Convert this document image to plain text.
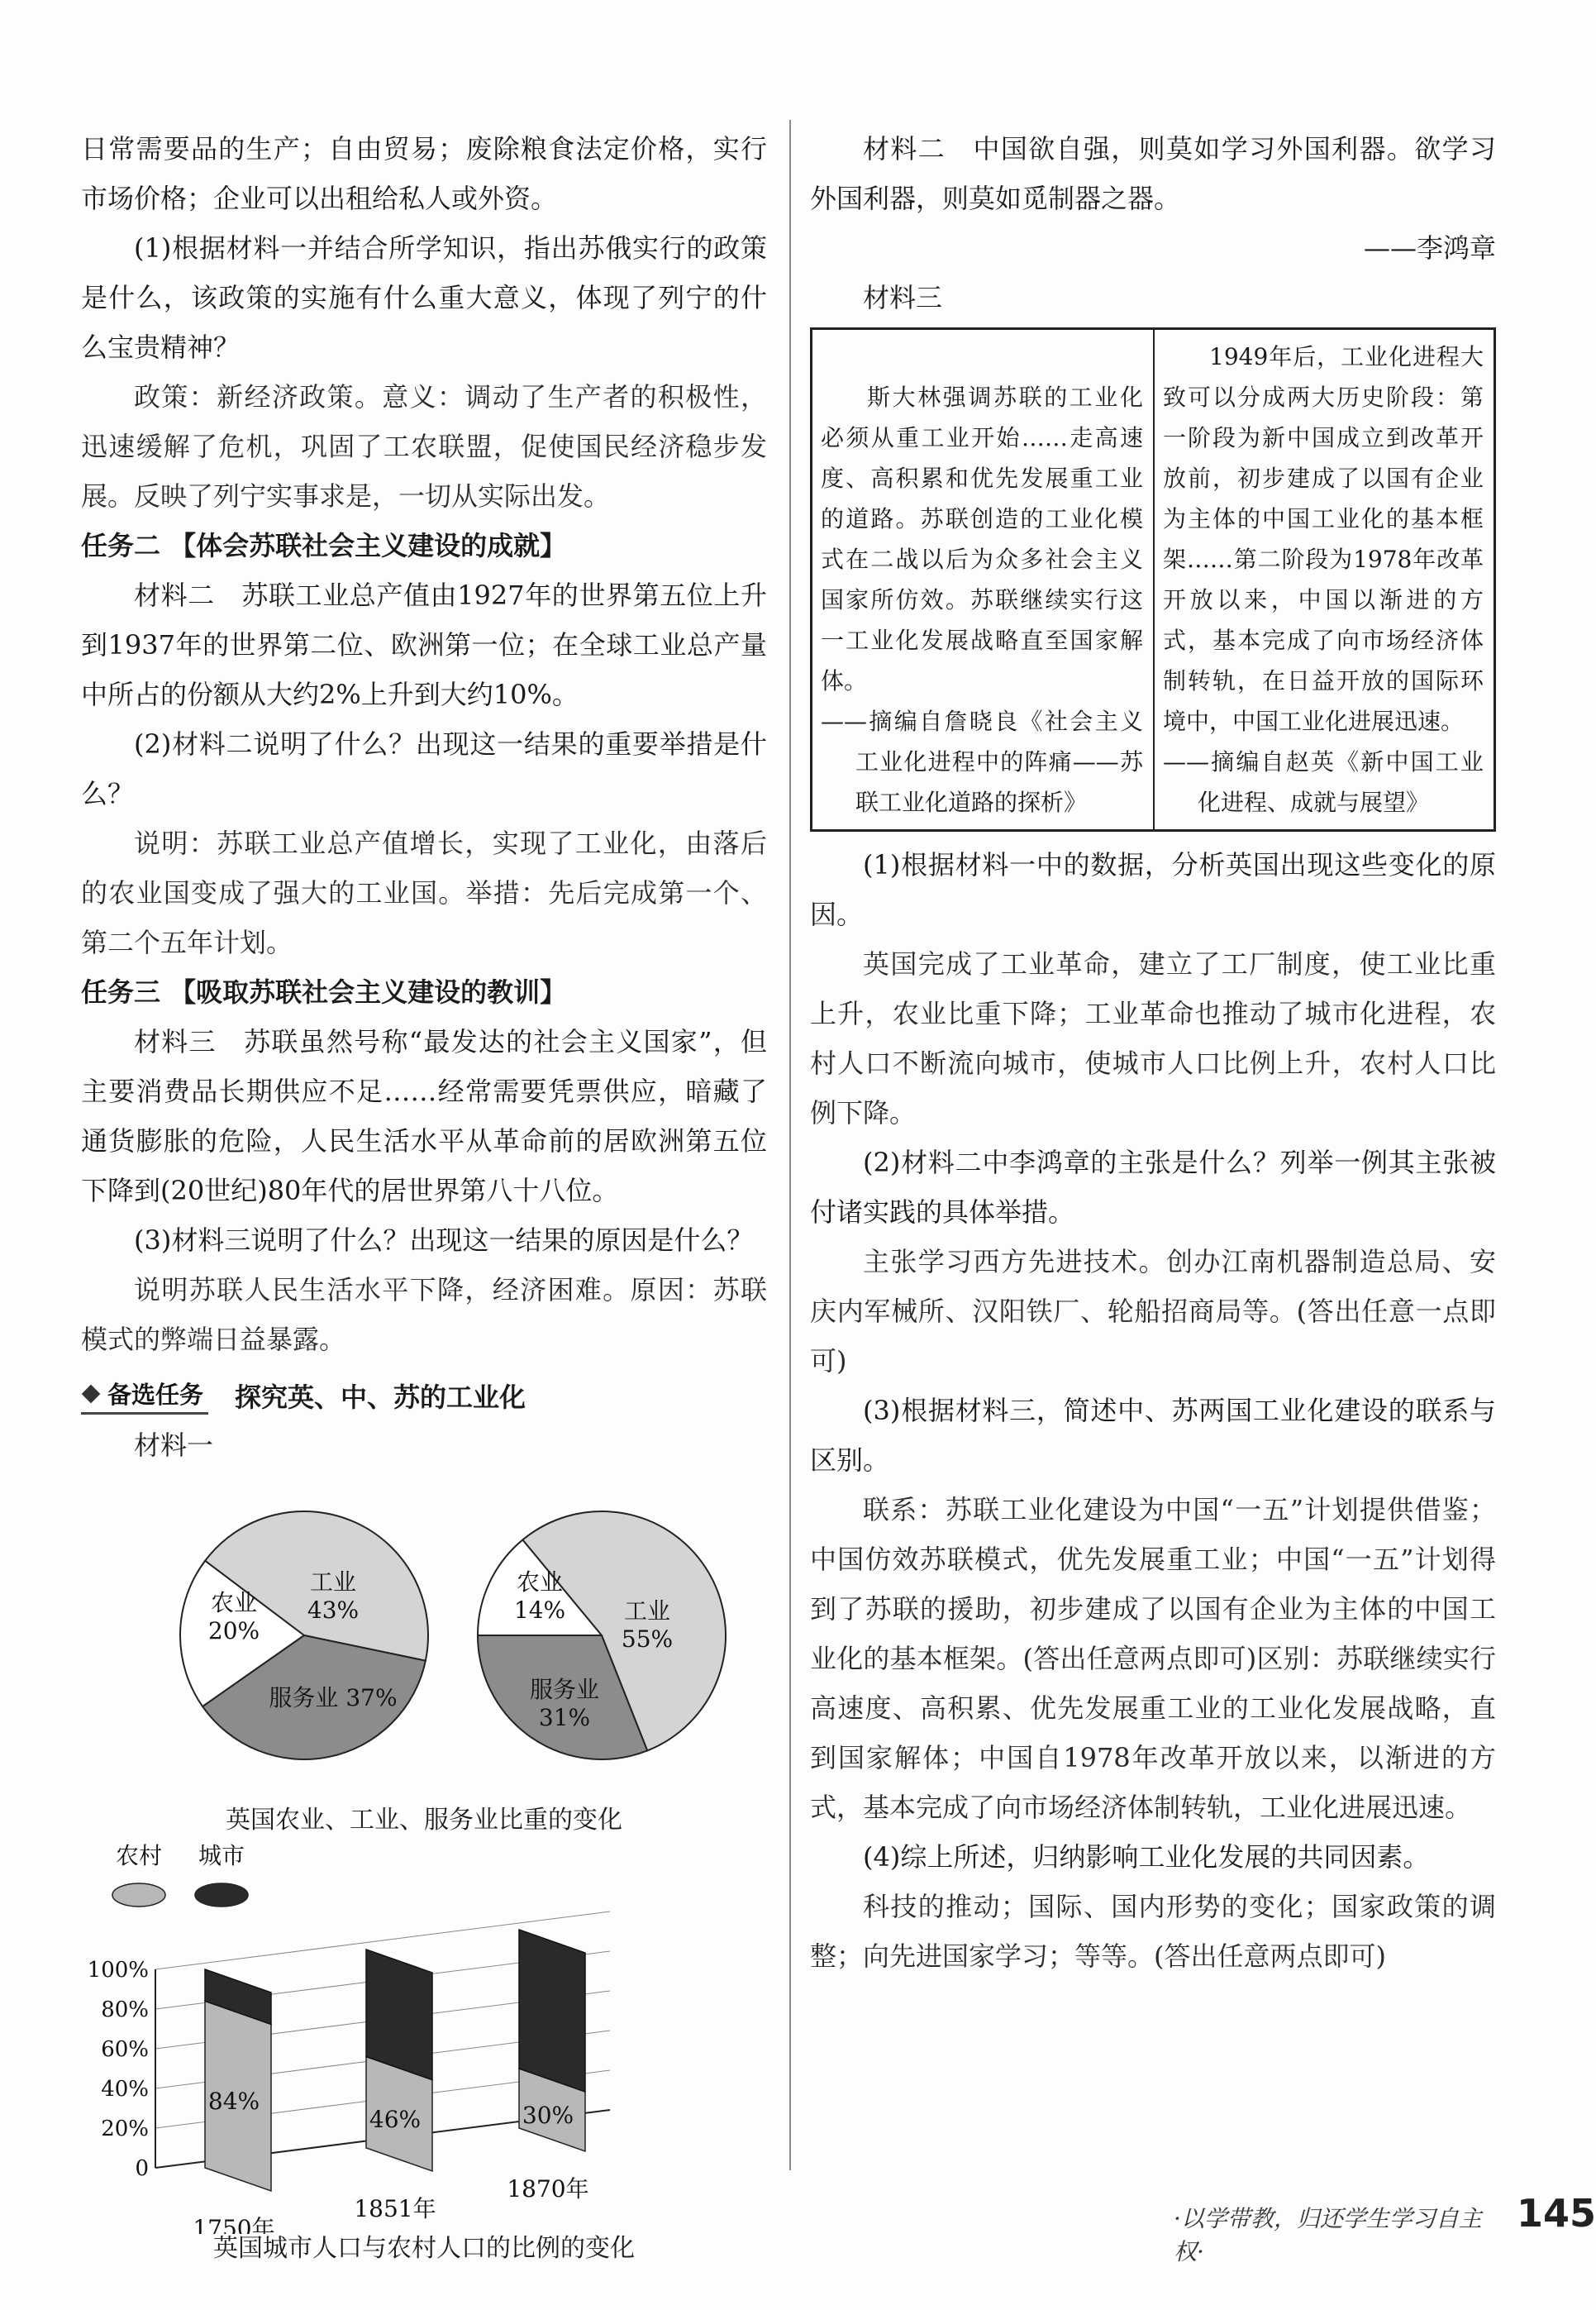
日常需要品的生产；自由贸易；废除粮食法定价格，实行市场价格；企业可以出租给私人或外资。

(1)根据材料一并结合所学知识，指出苏俄实行的政策是什么，该政策的实施有什么重大意义，体现了列宁的什么宝贵精神？

政策：新经济政策。意义：调动了生产者的积极性，迅速缓解了危机，巩固了工农联盟，促使国民经济稳步发展。反映了列宁实事求是，一切从实际出发。

任务二 【体会苏联社会主义建设的成就】

材料二　苏联工业总产值由1927年的世界第五位上升到1937年的世界第二位、欧洲第一位；在全球工业总产量中所占的份额从大约2%上升到大约10%。

(2)材料二说明了什么？出现这一结果的重要举措是什么？

说明：苏联工业总产值增长，实现了工业化，由落后的农业国变成了强大的工业国。举措：先后完成第一个、第二个五年计划。

任务三 【吸取苏联社会主义建设的教训】

材料三　苏联虽然号称“最发达的社会主义国家”，但主要消费品长期供应不足……经常需要凭票供应，暗藏了通货膨胀的危险，人民生活水平从革命前的居欧洲第五位下降到(20世纪)80年代的居世界第八十八位。

(3)材料三说明了什么？出现这一结果的原因是什么？

说明苏联人民生活水平下降，经济困难。原因：苏联模式的弊端日益暴露。

备选任务 探究英、中、苏的工业化

材料一

农业
20%
工业
43%
服务业 37%
农业
14%	工业
55%
服务业
31%
英国农业、工业、服务业比重的变化
农村 城市
0
20%
40%
60%
80%
100%
84%
1750年
46%
1851年
30%
1870年
英国城市人口与农村人口的比例的变化

材料二　中国欲自强，则莫如学习外国利器。欲学习外国利器，则莫如觅制器之器。

——李鸿章

材料三

斯大林强调苏联的工业化必须从重工业开始……走高速度、高积累和优先发展重工业的道路。苏联创造的工业化模式在二战以后为众多社会主义国家所仿效。苏联继续实行这一工业化发展战略直至国家解体。

——摘编自詹晓良《社会主义工业化进程中的阵痛——苏联工业化道路的探析》

1949年后，工业化进程大致可以分成两大历史阶段：第一阶段为新中国成立到改革开放前，初步建成了以国有企业为主体的中国工业化的基本框架……第二阶段为1978年改革开放以来，中国以渐进的方式，基本完成了向市场经济体制转轨，在日益开放的国际环境中，中国工业化进展迅速。

——摘编自赵英《新中国工业化进程、成就与展望》

(1)根据材料一中的数据，分析英国出现这些变化的原因。

英国完成了工业革命，建立了工厂制度，使工业比重上升，农业比重下降；工业革命也推动了城市化进程，农村人口不断流向城市，使城市人口比例上升，农村人口比例下降。

(2)材料二中李鸿章的主张是什么？列举一例其主张被付诸实践的具体举措。

主张学习西方先进技术。创办江南机器制造总局、安庆内军械所、汉阳铁厂、轮船招商局等。(答出任意一点即可)

(3)根据材料三，简述中、苏两国工业化建设的联系与区别。

联系：苏联工业化建设为中国“一五”计划提供借鉴；中国仿效苏联模式，优先发展重工业；中国“一五”计划得到了苏联的援助，初步建成了以国有企业为主体的中国工业化的基本框架。(答出任意两点即可)区别：苏联继续实行高速度、高积累、优先发展重工业的工业化发展战略，直到国家解体；中国自1978年改革开放以来，以渐进的方式，基本完成了向市场经济体制转轨，工业化进展迅速。

(4)综上所述，归纳影响工业化发展的共同因素。

科技的推动；国际、国内形势的变化；国家政策的调整；向先进国家学习；等等。(答出任意两点即可)

·以学带教，归还学生学习自主权·
145
